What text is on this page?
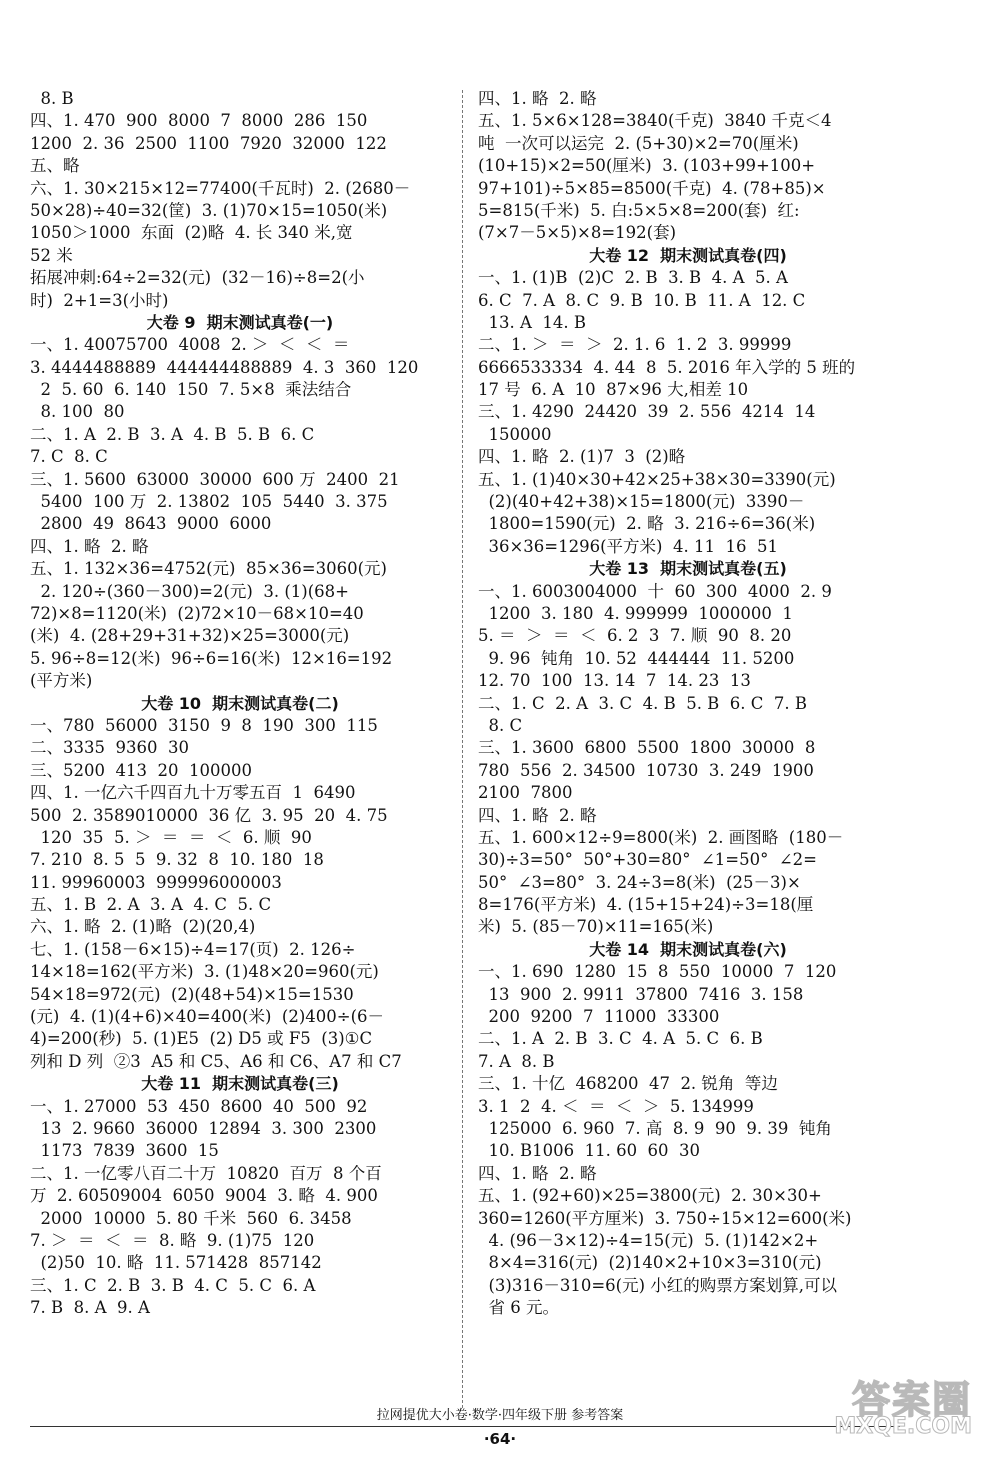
8. B
四、1. 470  900  8000  7  8000  286  150
1200  2. 36  2500  1100  7920  32000  122
五、略
六、1. 30×215×12=77400(千瓦时)  2. (2680－
50×28)÷40=32(筐)  3. (1)70×15=1050(米)
1050＞1000  东面  (2)略  4. 长 340 米,宽
52 米
拓展冲刺:64÷2=32(元)  (32－16)÷8=2(小
时)  2+1=3(小时)
大卷 9  期末测试真卷(一)
一、1. 40075700  4008  2. ＞  ＜  ＜  ＝
3. 4444488889  444444488889  4. 3  360  120
2  5. 60  6. 140  150  7. 5×8  乘法结合
8. 100  80
二、1. A  2. B  3. A  4. B  5. B  6. C
7. C  8. C
三、1. 5600  63000  30000  600 万  2400  21
5400  100 万  2. 13802  105  5440  3. 375
2800  49  8643  9000  6000
四、1. 略  2. 略
五、1. 132×36=4752(元)  85×36=3060(元)
2. 120÷(360－300)=2(元)  3. (1)(68+
72)×8=1120(米)  (2)72×10－68×10=40
(米)  4. (28+29+31+32)×25=3000(元)
5. 96÷8=12(米)  96÷6=16(米)  12×16=192
(平方米)
大卷 10  期末测试真卷(二)
一、780  56000  3150  9  8  190  300  115
二、3335  9360  30
三、5200  413  20  100000
四、1. 一亿六千四百九十万零五百  1  6490
500  2. 3589010000  36 亿  3. 95  20  4. 75
120  35  5. ＞  ＝  ＝  ＜  6. 顺  90
7. 210  8. 5  5  9. 32  8  10. 180  18
11. 99960003  999996000003
五、1. B  2. A  3. A  4. C  5. C
六、1. 略  2. (1)略  (2)(20,4)
七、1. (158－6×15)÷4=17(页)  2. 126÷
14×18=162(平方米)  3. (1)48×20=960(元)
54×18=972(元)  (2)(48+54)×15=1530
(元)  4. (1)(4+6)×40=400(米)  (2)400÷(6－
4)=200(秒)  5. (1)E5  (2) D5 或 F5  (3)①C
列和 D 列  ②3  A5 和 C5、A6 和 C6、A7 和 C7
大卷 11  期末测试真卷(三)
一、1. 27000  53  450  8600  40  500  92
13  2. 9660  36000  12894  3. 300  2300
1173  7839  3600  15
二、1. 一亿零八百二十万  10820  百万  8 个百
万  2. 60509004  6050  9004  3. 略  4. 900
2000  10000  5. 80 千米  560  6. 3458
7. ＞  ＝  ＜  ＝  8. 略  9. (1)75  120
(2)50  10. 略  11. 571428  857142
三、1. C  2. B  3. B  4. C  5. C  6. A
7. B  8. A  9. A
四、1. 略  2. 略
五、1. 5×6×128=3840(千克)  3840 千克＜4
吨  一次可以运完  2. (5+30)×2=70(厘米)
(10+15)×2=50(厘米)  3. (103+99+100+
97+101)÷5×85=8500(千克)  4. (78+85)×
5=815(千米)  5. 白:5×5×8=200(套)  红:
(7×7－5×5)×8=192(套)
大卷 12  期末测试真卷(四)
一、1. (1)B  (2)C  2. B  3. B  4. A  5. A
6. C  7. A  8. C  9. B  10. B  11. A  12. C
13. A  14. B
二、1. ＞  ＝  ＞  2. 1. 6  1. 2  3. 99999
6666533334  4. 44  8  5. 2016 年入学的 5 班的
17 号  6. A  10  87×96 大,相差 10
三、1. 4290  24420  39  2. 556  4214  14
150000
四、1. 略  2. (1)7  3  (2)略
五、1. (1)40×30+42×25+38×30=3390(元)
(2)(40+42+38)×15=1800(元)  3390－
1800=1590(元)  2. 略  3. 216÷6=36(米)
36×36=1296(平方米)  4. 11  16  51
大卷 13  期末测试真卷(五)
一、1. 6003004000  十  60  300  4000  2. 9
1200  3. 180  4. 999999  1000000  1
5. ＝  ＞  ＝  ＜  6. 2  3  7. 顺  90  8. 20
9. 96  钝角  10. 52  444444  11. 5200
12. 70  100  13. 14  7  14. 23  13
二、1. C  2. A  3. C  4. B  5. B  6. C  7. B
8. C
三、1. 3600  6800  5500  1800  30000  8
780  556  2. 34500  10730  3. 249  1900
2100  7800
四、1. 略  2. 略
五、1. 600×12÷9=800(米)  2. 画图略  (180－
30)÷3=50°  50°+30=80°  ∠1=50°  ∠2=
50°  ∠3=80°  3. 24÷3=8(米)  (25－3)×
8=176(平方米)  4. (15+15+24)÷3=18(厘
米)  5. (85－70)×11=165(米)
大卷 14  期末测试真卷(六)
一、1. 690  1280  15  8  550  10000  7  120
13  900  2. 9911  37800  7416  3. 158
200  9200  7  11000  33300
二、1. A  2. B  3. C  4. A  5. C  6. B
7. A  8. B
三、1. 十亿  468200  47  2. 锐角  等边
3. 1  2  4. ＜  ＝  ＜  ＞  5. 134999
125000  6. 960  7. 高  8. 9  90  9. 39  钝角
10. B1006  11. 60  60  30
四、1. 略  2. 略
五、1. (92+60)×25=3800(元)  2. 30×30+
360=1260(平方厘米)  3. 750÷15×12=600(米)
4. (96－3×12)÷4=15(元)  5. (1)142×2+
8×4=316(元)  (2)140×2+10×3=310(元)
(3)316－310=6(元) 小红的购票方案划算,可以
省 6 元。
拉网提优大小卷·数学·四年级下册 参考答案
·64·
答案圈
MXQE.COM
